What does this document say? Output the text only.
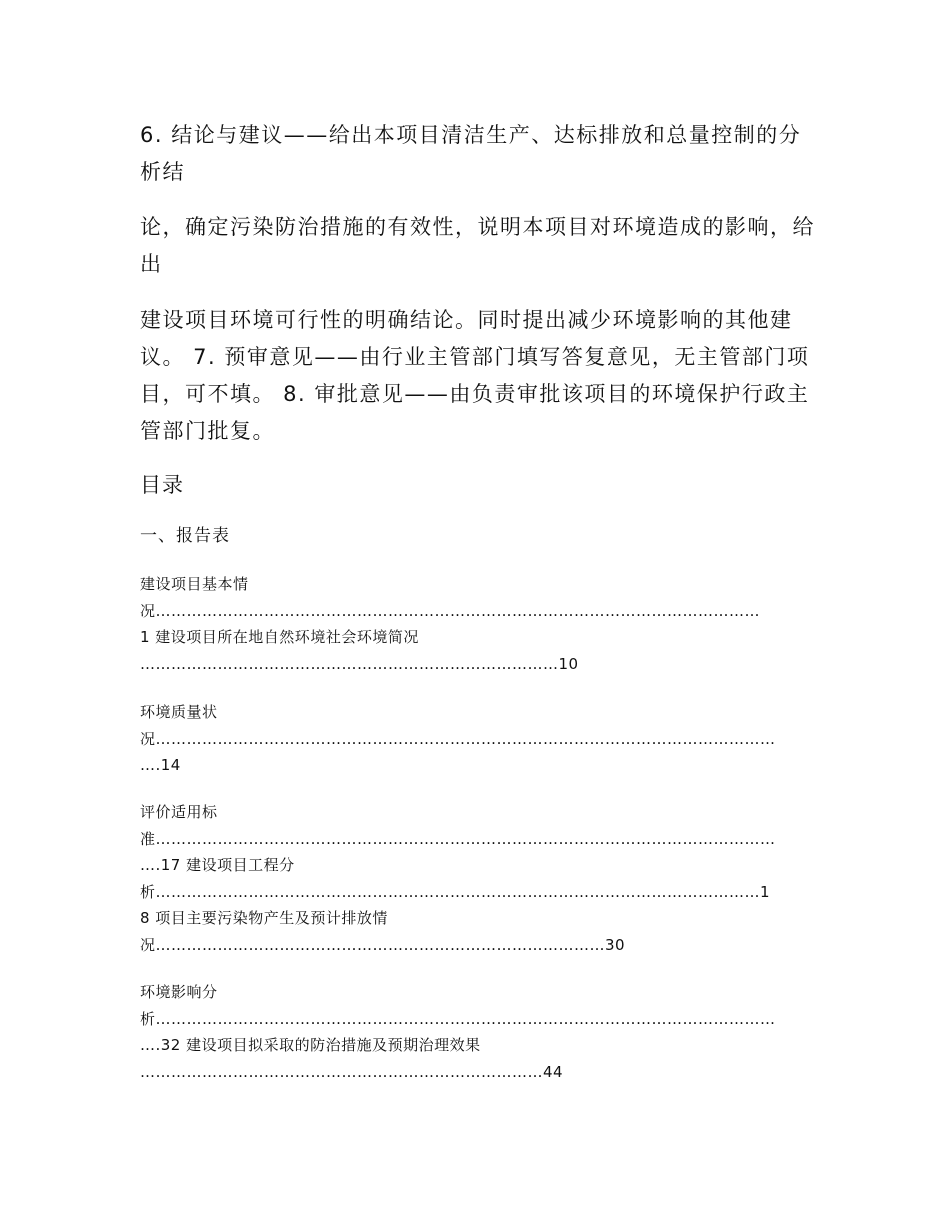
6. 结论与建议——给出本项目清洁生产、达标排放和总量控制的分析结

论，确定污染防治措施的有效性，说明本项目对环境造成的影响，给出

建设项目环境可行性的明确结论。同时提出减少环境影响的其他建议。 7. 预审意见——由行业主管部门填写答复意见，无主管部门项目，可不填。 8. 审批意见——由负责审批该项目的环境保护行政主管部门批复。

目录
一、报告表
建设项目基本情
况………………………………………………………………………………………………………
1 建设项目所在地自然环境社会环境简况
………………………………………………………………………10
环境质量状
况…………………………………………………………………………………………………………
….14
评价适用标
准…………………………………………………………………………………………………………
….17 建设项目工程分
析………………………………………………………………………………………………………1
8 项目主要污染物产生及预计排放情
况……………………………………………………………………………30
环境影响分
析…………………………………………………………………………………………………………
….32 建设项目拟采取的防治措施及预期治理效果
……………………………………………………………………44
